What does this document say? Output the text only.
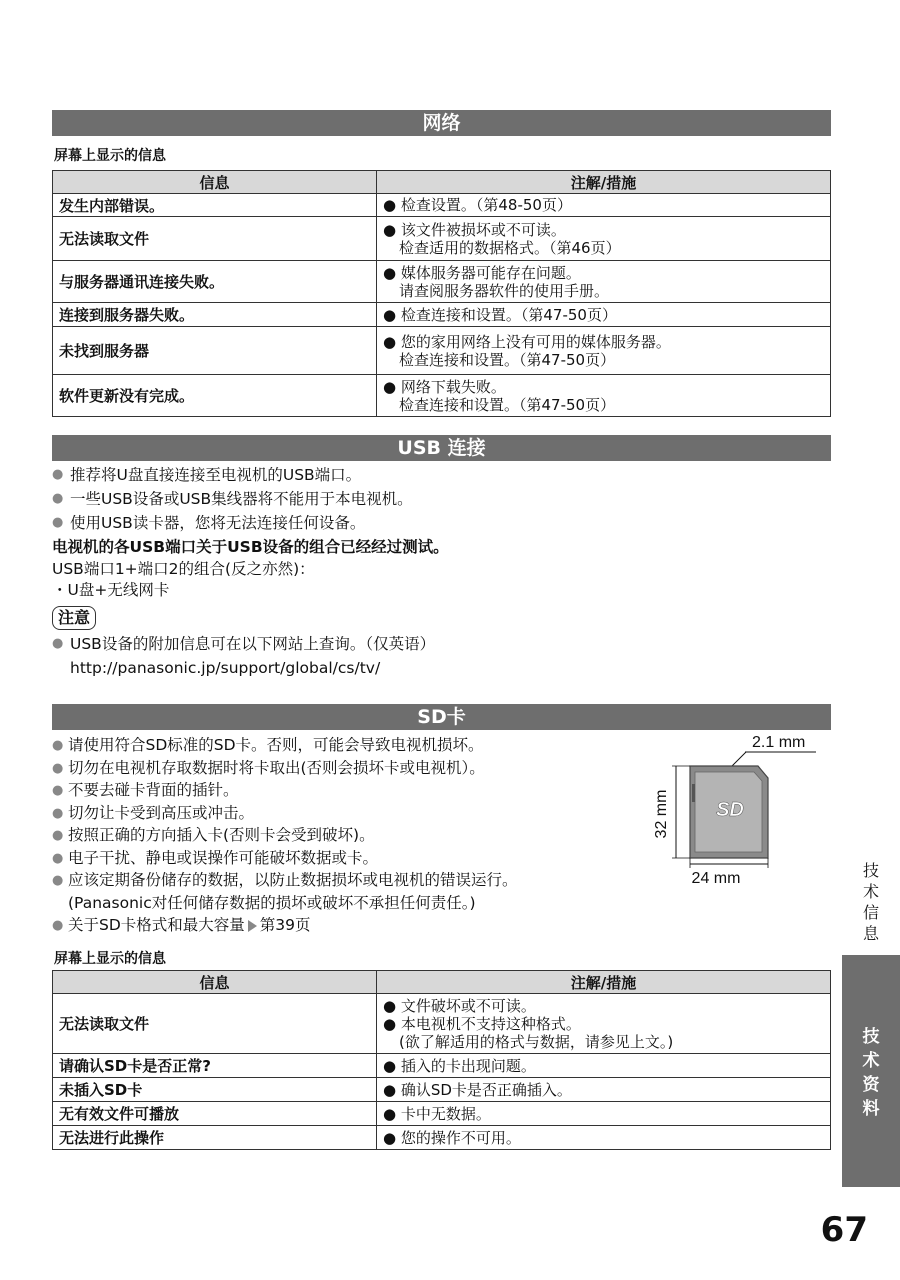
网络
屏幕上显示的信息
信息	注解/措施
发生内部错误。	● 检查设置。（第48-50页）

无法读取文件	● 该文件被损坏或不可读。
检查适用的数据格式。（第46页）

与服务器通讯连接失败。	● 媒体服务器可能存在问题。
请查阅服务器软件的使用手册。

连接到服务器失败。	● 检查连接和设置。（第47-50页）

未找到服务器	● 您的家用网络上没有可用的媒体服务器。
检查连接和设置。（第47-50页）

软件更新没有完成。	● 网络下载失败。
检查连接和设置。（第47-50页）
USB 连接
● 推荐将U盘直接连接至电视机的USB端口。
● 一些USB设备或USB集线器将不能用于本电视机。
● 使用USB读卡器，您将无法连接任何设备。
电视机的各USB端口关于USB设备的组合已经经过测试。
USB端口1+端口2的组合(反之亦然)：
・U盘+无线网卡
注意
● USB设备的附加信息可在以下网站上查询。（仅英语）
http://panasonic.jp/support/global/cs/tv/
SD卡
● 请使用符合SD标准的SD卡。否则，可能会导致电视机损坏。
● 切勿在电视机存取数据时将卡取出(否则会损坏卡或电视机）。
● 不要去碰卡背面的插针。
● 切勿让卡受到高压或冲击。
● 按照正确的方向插入卡(否则卡会受到破坏)。
● 电子干扰、静电或误操作可能破坏数据或卡。
● 应该定期备份储存的数据，以防止数据损坏或电视机的错误运行。
(Panasonic对任何储存数据的损坏或破坏不承担任何责任。)
● 关于SD卡格式和最大容量 第39页
2.1 mm
SD
32 mm
24 mm
屏幕上显示的信息
信息	注解/措施
无法读取文件	● 文件破坏或不可读。
● 本电视机不支持这种格式。
(欲了解适用的格式与数据，请参见上文。)

请确认SD卡是否正常?	● 插入的卡出现问题。

未插入SD卡	● 确认SD卡是否正确插入。

无有效文件可播放	● 卡中无数据。

无法进行此操作	● 您的操作不可用。
技术信息
技术资料
67
